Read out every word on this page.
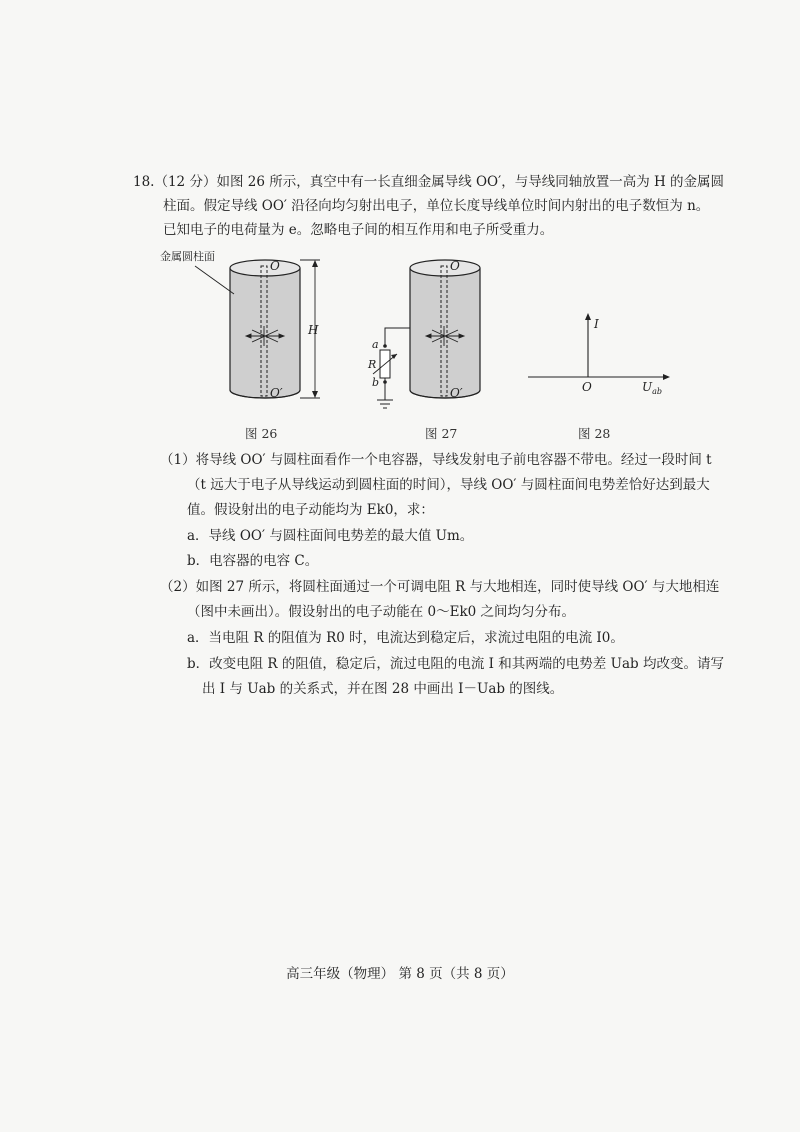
18.（12 分）如图 26 所示，真空中有一长直细金属导线 OO′，与导线同轴放置一高为 H 的金属圆
柱面。假定导线 OO′ 沿径向均匀射出电子，单位长度导线单位时间内射出的电子数恒为 n。
已知电子的电荷量为 e。忽略电子间的相互作用和电子所受重力。
H
O
O′
金属圆柱面
图 26
O
O′
a
R
b
图 27
I
O	$U_{ab}$
图 28
（1）将导线 OO′ 与圆柱面看作一个电容器，导线发射电子前电容器不带电。经过一段时间 t
（t 远大于电子从导线运动到圆柱面的时间），导线 OO′ 与圆柱面间电势差恰好达到最大
值。假设射出的电子动能均为 Ek0，求：
a．导线 OO′ 与圆柱面间电势差的最大值 Um。
b．电容器的电容 C。
（2）如图 27 所示，将圆柱面通过一个可调电阻 R 与大地相连，同时使导线 OO′ 与大地相连
（图中未画出）。假设射出的电子动能在 0～Ek0 之间均匀分布。
a．当电阻 R 的阻值为 R0 时，电流达到稳定后，求流过电阻的电流 I0。
b．改变电阻 R 的阻值，稳定后，流过电阻的电流 I 和其两端的电势差 Uab 均改变。请写
出 I 与 Uab 的关系式，并在图 28 中画出 I－Uab 的图线。
高三年级（物理） 第 8 页（共 8 页）
